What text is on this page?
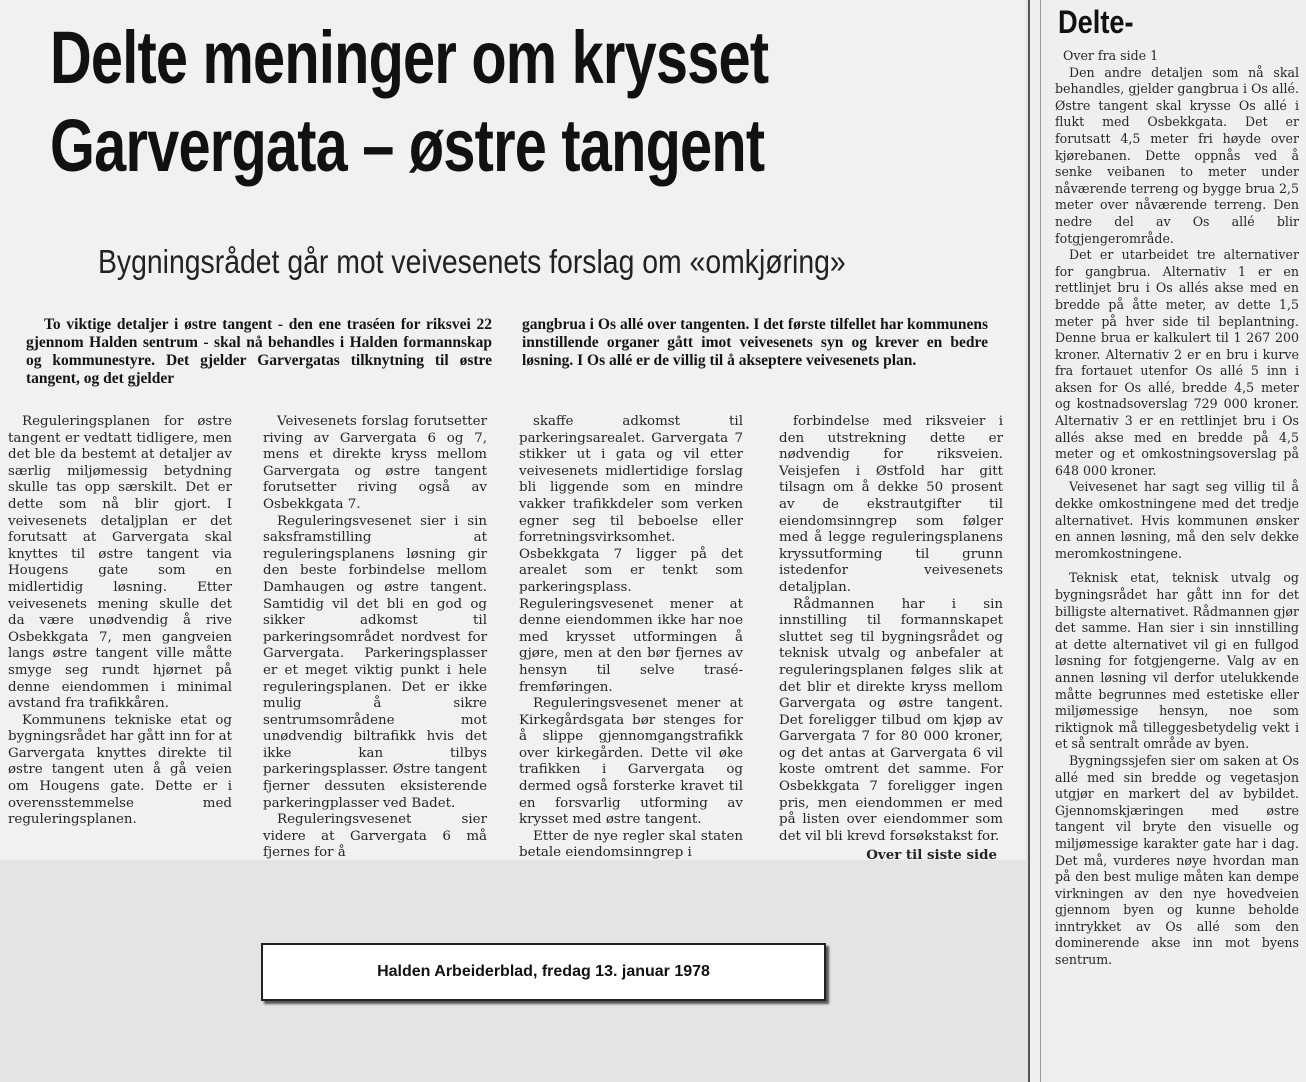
Delte meninger om krysset
Garvergata – østre tangent
Bygningsrådet går mot veivesenets forslag om «omkjøring»
To viktige detaljer i østre tangent - den ene traséen for riksvei 22 gjennom Halden sentrum - skal nå behandles i Halden formannskap og kommunestyre. Det gjelder Garvergatas tilknytning til østre tangent, og det gjelder
gangbrua i Os allé over tangenten. I det første tilfellet har kommunens innstillende organer gått imot veivesenets syn og krever en bedre løsning. I Os allé er de villig til å akseptere veivesenets plan.

Reguleringsplanen for østre tangent er vedtatt tidligere, men det ble da bestemt at detaljer av særlig miljømessig betydning skulle tas opp særskilt. Det er dette som nå blir gjort. I veivesenets detaljplan er det forutsatt at Garvergata skal knyttes til østre tangent via Hougens gate som en midlertidig løsning. Etter veivesenets mening skulle det da være unødvendig å rive Osbekkgata 7, men gangveien langs østre tangent ville måtte smyge seg rundt hjørnet på denne eiendommen i minimal avstand fra trafikkåren.

Kommunens tekniske etat og bygningsrådet har gått inn for at Garvergata knyttes direkte til østre tangent uten å gå veien om Hougens gate. Dette er i overensstemmelse med reguleringsplanen.

Veivesenets forslag forutsetter riving av Garvergata 6 og 7, mens et direkte kryss mellom Garvergata og østre tangent forutsetter riving også av Osbekkgata 7.

Reguleringsvesenet sier i sin saksframstilling at reguleringsplanens løsning gir den beste forbindelse mellom Damhaugen og østre tangent. Samtidig vil det bli en god og sikker adkomst til parkeringsområdet nordvest for Garvergata. Parkeringsplasser er et meget viktig punkt i hele reguleringsplanen. Det er ikke mulig å sikre sentrumsområdene mot unødvendig biltrafikk hvis det ikke kan tilbys parkeringsplasser. Østre tangent fjerner dessuten eksisterende parkeringplasser ved Badet.

Reguleringsvesenet sier videre at Garvergata 6 må fjernes for å

skaffe adkomst til parkeringsarealet. Garvergata 7 stikker ut i gata og vil etter veivesenets midlertidige forslag bli liggende som en mindre vakker trafikkdeler som verken egner seg til beboelse eller forretningsvirksomhet. Osbekkgata 7 ligger på det arealet som er tenkt som parkeringsplass. Reguleringsvesenet mener at denne eiendommen ikke har noe med krysset utformingen å gjøre, men at den bør fjernes av hensyn til selve trasé-fremføringen.

Reguleringsvesenet mener at Kirkegårdsgata bør stenges for å slippe gjennomgangstrafikk over kirkegården. Dette vil øke trafikken i Garvergata og dermed også forsterke kravet til en forsvarlig utforming av krysset med østre tangent.

Etter de nye regler skal staten betale eiendomsinngrep i

forbindelse med riksveier i den utstrekning dette er nødvendig for riksveien. Veisjefen i Østfold har gitt tilsagn om å dekke 50 prosent av de ekstrautgifter til eiendomsinngrep som følger med å legge reguleringsplanens kryssutforming til grunn istedenfor veivesenets detaljplan.

Rådmannen har i sin innstilling til formannskapet sluttet seg til bygningsrådet og teknisk utvalg og anbefaler at reguleringsplanen følges slik at det blir et direkte kryss mellom Garvergata og østre tangent. Det foreligger tilbud om kjøp av Garvergata 7 for 80 000 kroner, og det antas at Garvergata 6 vil koste omtrent det samme. For Osbekkgata 7 foreligger ingen pris, men eiendommen er med på listen over eiendommer som det vil bli krevd forsøkstakst for.

Over til siste side

Delte-

Over fra side 1

Den andre detaljen som nå skal behandles, gjelder gangbrua i Os allé. Østre tangent skal krysse Os allé i flukt med Osbekkgata. Det er forutsatt 4,5 meter fri høyde over kjørebanen. Dette oppnås ved å senke veibanen to meter under nåværende terreng og bygge brua 2,5 meter over nåværende terreng. Den nedre del av Os allé blir fotgjengerområde.

Det er utarbeidet tre alternativer for gangbrua. Alternativ 1 er en rettlinjet bru i Os allés akse med en bredde på åtte meter, av dette 1,5 meter på hver side til beplantning. Denne brua er kalkulert til 1 267 200 kroner. Alternativ 2 er en bru i kurve fra fortauet utenfor Os allé 5 inn i aksen for Os allé, bredde 4,5 meter og kostnadsoverslag 729 000 kroner. Alternativ 3 er en rettlinjet bru i Os allés akse med en bredde på 4,5 meter og et omkostningsoverslag på 648 000 kroner.

Veivesenet har sagt seg villig til å dekke omkostningene med det tredje alternativet. Hvis kommunen ønsker en annen løsning, må den selv dekke meromkostningene.

Teknisk etat, teknisk utvalg og bygningsrådet har gått inn for det billigste alternativet. Rådmannen gjør det samme. Han sier i sin innstilling at dette alternativet vil gi en fullgod løsning for fotgjengerne. Valg av en annen løsning vil derfor utelukkende måtte begrunnes med estetiske eller miljømessige hensyn, noe som riktignok må tilleggesbetydelig vekt i et så sentralt område av byen.

Bygningssjefen sier om saken at Os allé med sin bredde og vegetasjon utgjør en markert del av bybildet. Gjennomskjæringen med østre tangent vil bryte den visuelle og miljømessige karakter gate har i dag. Det må, vurderes nøye hvordan man på den best mulige måten kan dempe virkningen av den nye hovedveien gjennom byen og kunne beholde inntrykket av Os allé som den dominerende akse inn mot byens sentrum.

Halden Arbeiderblad, fredag 13. januar 1978
